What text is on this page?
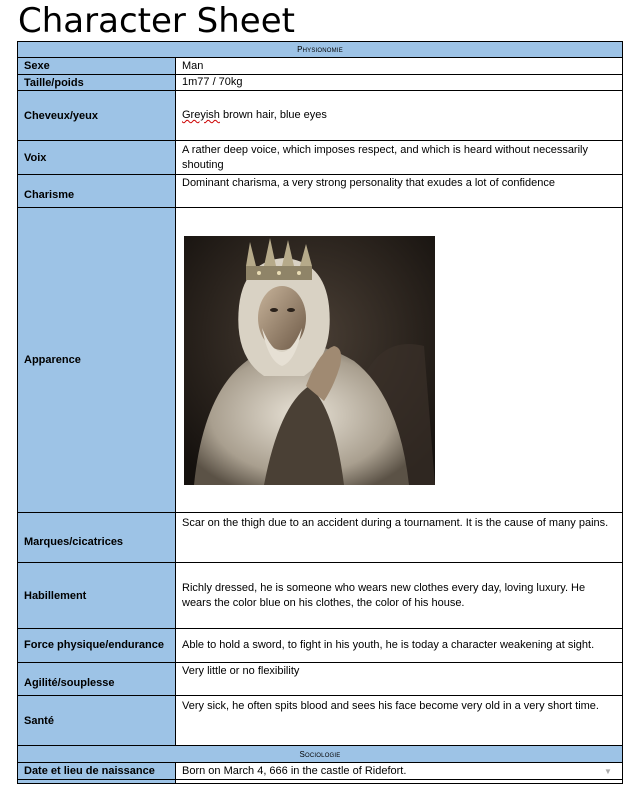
Character Sheet
Physionomie	
Sexe	Man
Taille/poids	1m77 / 70kg
Cheveux/yeux	Greyish brown hair, blue eyes
Voix	A rather deep voice, which imposes respect, and which is heard without necessarily shouting
Charisme	Dominant charisma, a very strong personality that exudes a lot of confidence
Apparence	

Marques/cicatrices	Scar on the thigh due to an accident during a tournament. It is the cause of many pains.
Habillement	Richly dressed, he is someone who wears new clothes every day, loving luxury. He wears the color blue on his clothes, the color of his house.
Force physique/endurance	Able to hold a sword, to fight in his youth, he is today a character weakening at sight.
Agilité/souplesse	Very little or no flexibility
Santé	Very sick, he often spits blood and sees his face become very old in a very short time.
Sociologie	
Date et lieu de naissance	Born on March 4, 666 in the castle of Ridefort. ▼
